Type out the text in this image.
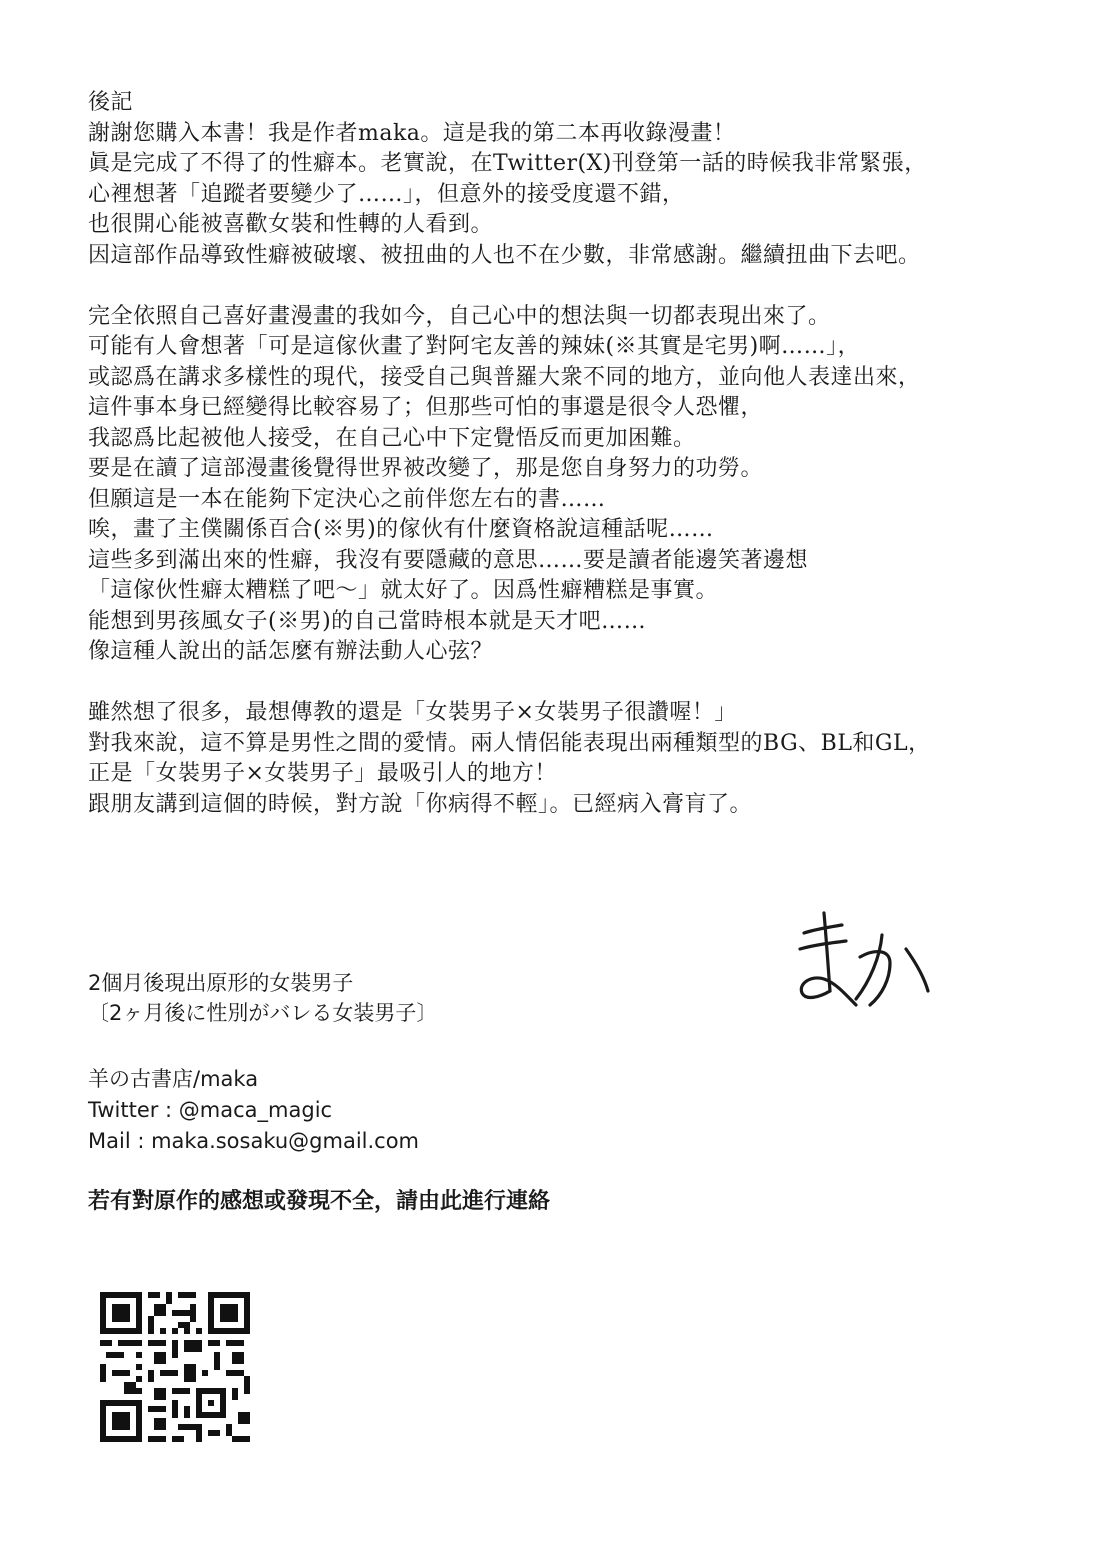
後記
謝謝您購入本書！我是作者maka。這是我的第二本再收錄漫畫！
眞是完成了不得了的性癖本。老實說，在Twitter(X)刊登第一話的時候我非常緊張，
心裡想著「追蹤者要變少了……」，但意外的接受度還不錯，
也很開心能被喜歡女裝和性轉的人看到。
因這部作品導致性癖被破壞、被扭曲的人也不在少數，非常感謝。繼續扭曲下去吧。
完全依照自己喜好畫漫畫的我如今，自己心中的想法與一切都表現出來了。
可能有人會想著「可是這傢伙畫了對阿宅友善的辣妹(※其實是宅男)啊……」，
或認爲在講求多樣性的現代，接受自己與普羅大衆不同的地方，並向他人表達出來，
這件事本身已經變得比較容易了；但那些可怕的事還是很令人恐懼，
我認爲比起被他人接受，在自己心中下定覺悟反而更加困難。
要是在讀了這部漫畫後覺得世界被改變了，那是您自身努力的功勞。
但願這是一本在能夠下定決心之前伴您左右的書……
唉，畫了主僕關係百合(※男)的傢伙有什麼資格說這種話呢……
這些多到滿出來的性癖，我沒有要隱藏的意思……要是讀者能邊笑著邊想
「這傢伙性癖太糟糕了吧～」就太好了。因爲性癖糟糕是事實。
能想到男孩風女子(※男)的自己當時根本就是天才吧……
像這種人說出的話怎麼有辦法動人心弦？
雖然想了很多，最想傳教的還是「女裝男子×女裝男子很讚喔！」
對我來說，這不算是男性之間的愛情。兩人情侶能表現出兩種類型的BG、BL和GL，
正是「女裝男子×女裝男子」最吸引人的地方！
跟朋友講到這個的時候，對方說「你病得不輕」。已經病入膏肓了。
2個月後現出原形的女裝男子
〔2ヶ月後に性別がバレる女装男子〕
羊の古書店/maka
Twitter : @maca_magic
Mail : maka.sosaku@gmail.com
若有對原作的感想或發現不全，請由此進行連絡
